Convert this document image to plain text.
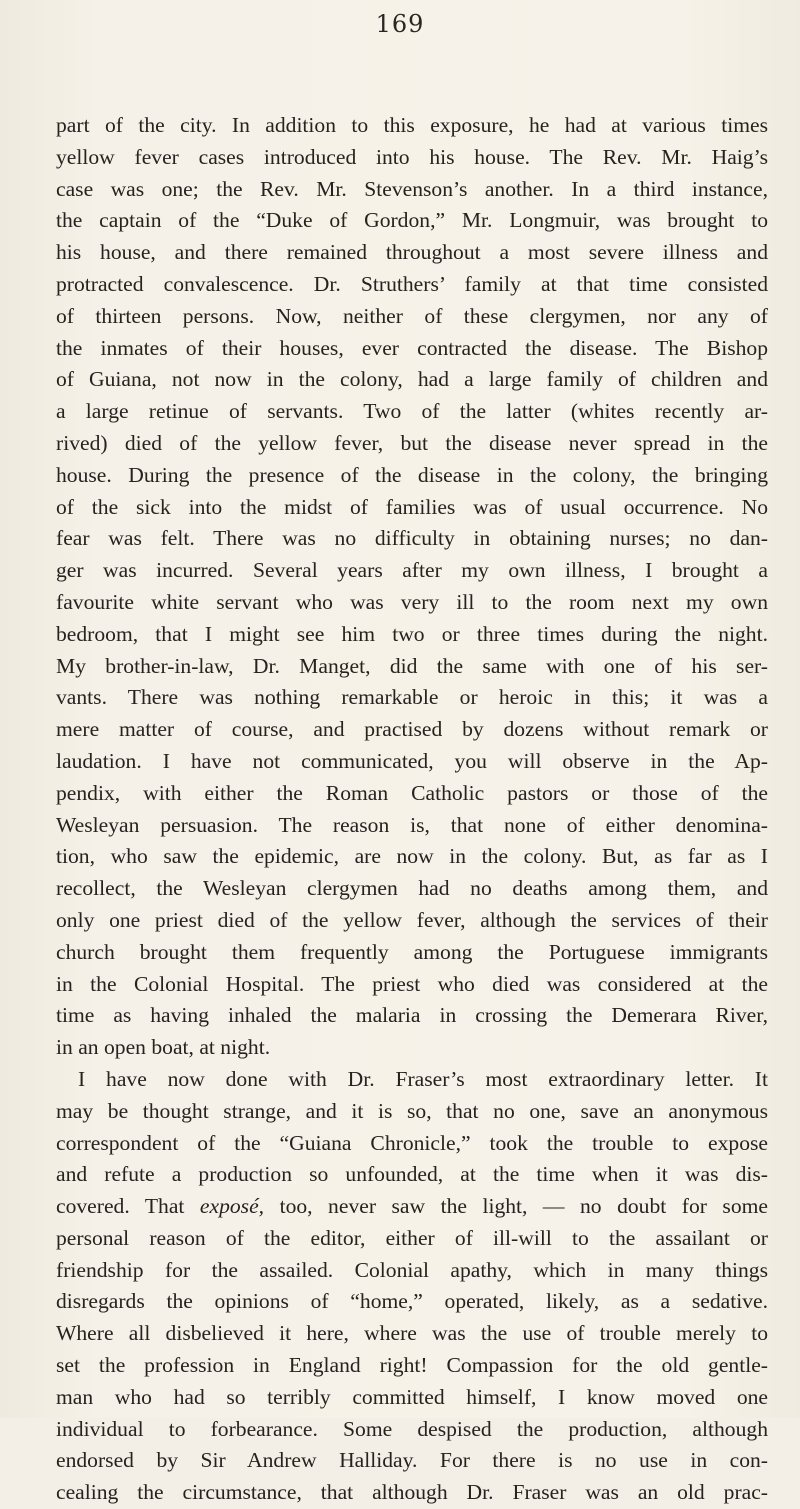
169
part of the city. In addition to this exposure, he had at various times
yellow fever cases introduced into his house. The Rev. Mr. Haig’s
case was one; the Rev. Mr. Stevenson’s another. In a third instance,
the captain of the “Duke of Gordon,” Mr. Longmuir, was brought to
his house, and there remained throughout a most severe illness and
protracted convalescence. Dr. Struthers’ family at that time consisted
of thirteen persons. Now, neither of these clergymen, nor any of
the inmates of their houses, ever contracted the disease. The Bishop
of Guiana, not now in the colony, had a large family of children and
a large retinue of servants. Two of the latter (whites recently ar-
rived) died of the yellow fever, but the disease never spread in the
house. During the presence of the disease in the colony, the bringing
of the sick into the midst of families was of usual occurrence. No
fear was felt. There was no difficulty in obtaining nurses; no dan-
ger was incurred. Several years after my own illness, I brought a
favourite white servant who was very ill to the room next my own
bedroom, that I might see him two or three times during the night.
My brother-in-law, Dr. Manget, did the same with one of his ser-
vants. There was nothing remarkable or heroic in this; it was a
mere matter of course, and practised by dozens without remark or
laudation. I have not communicated, you will observe in the Ap-
pendix, with either the Roman Catholic pastors or those of the
Wesleyan persuasion. The reason is, that none of either denomina-
tion, who saw the epidemic, are now in the colony. But, as far as I
recollect, the Wesleyan clergymen had no deaths among them, and
only one priest died of the yellow fever, although the services of their
church brought them frequently among the Portuguese immigrants
in the Colonial Hospital. The priest who died was considered at the
time as having inhaled the malaria in crossing the Demerara River,
in an open boat, at night.
I have now done with Dr. Fraser’s most extraordinary letter. It
may be thought strange, and it is so, that no one, save an anonymous
correspondent of the “Guiana Chronicle,” took the trouble to expose
and refute a production so unfounded, at the time when it was dis-
covered. That exposé, too, never saw the light, — no doubt for some
personal reason of the editor, either of ill-will to the assailant or
friendship for the assailed. Colonial apathy, which in many things
disregards the opinions of “home,” operated, likely, as a sedative.
Where all disbelieved it here, where was the use of trouble merely to
set the profession in England right! Compassion for the old gentle-
man who had so terribly committed himself, I know moved one
individual to forbearance. Some despised the production, although
endorsed by Sir Andrew Halliday. For there is no use in con-
cealing the circumstance, that although Dr. Fraser was an old prac-
